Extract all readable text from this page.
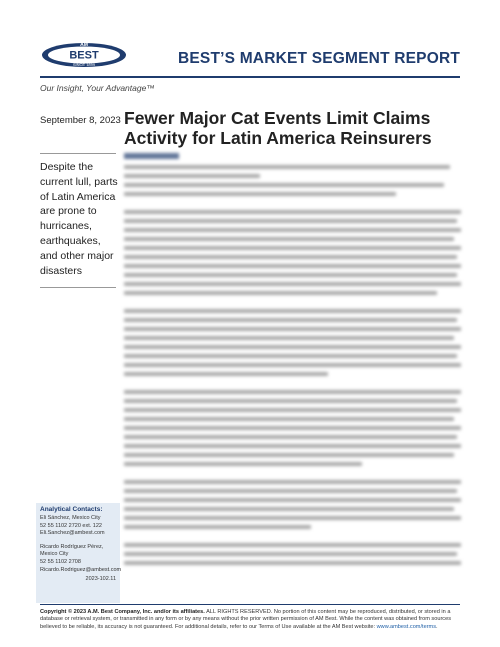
AM
BEST
SINCE 1899	BEST’S MARKET SEGMENT REPORT
Our Insight, Your Advantage™
September 8, 2023 Fewer Major Cat Events Limit Claims Activity for Latin America Reinsurers
Despite the current lull, parts of Latin America are prone to hurricanes, earthquakes, and other major disasters
Analytical Contacts:
Eli Sánchez, Mexico City
52 55 1102 2720 ext. 122
Eli.Sanchez@ambest.com
Ricardo Rodríguez Pérez,
Mexico City
52 55 1102 2708
Ricardo.Rodriguez@ambest.com
2023-102.11
Copyright © 2023 A.M. Best Company, Inc. and/or its affiliates. ALL RIGHTS RESERVED. No portion of this content may be reproduced, distributed, or stored in a database or retrieval system, or transmitted in any form or by any means without the prior written permission of AM Best. While the content was obtained from sources believed to be reliable, its accuracy is not guaranteed. For additional details, refer to our Terms of Use available at the AM Best website: www.ambest.com/terms.
